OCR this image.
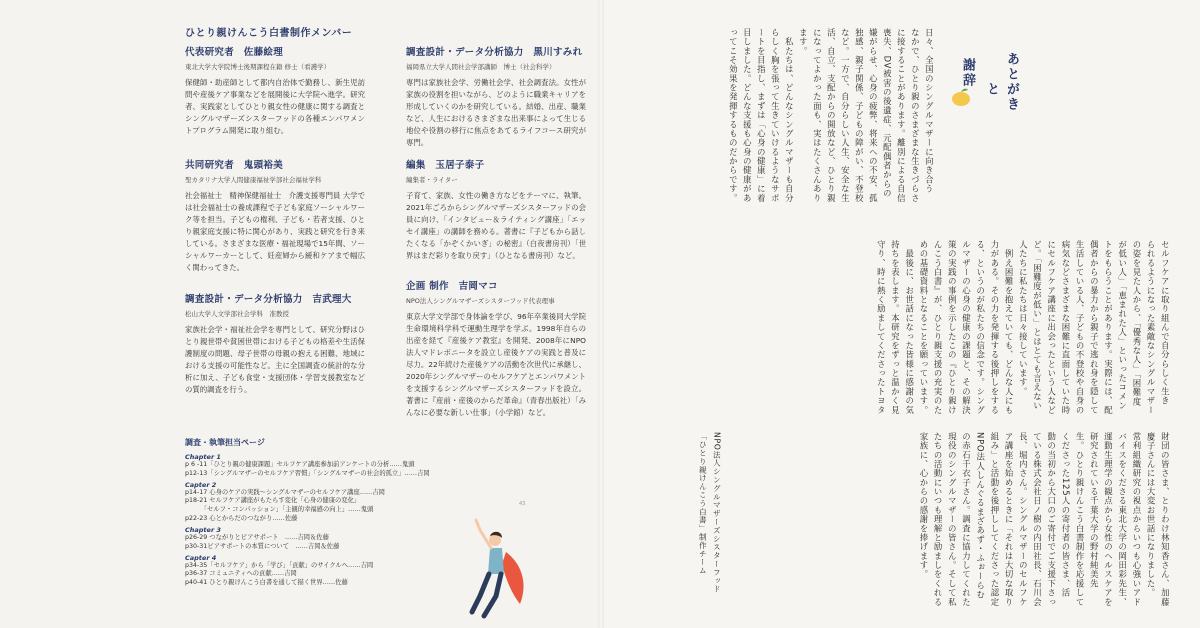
ひとり親けんこう白書制作メンバー
代表研究者　佐藤絵理
東北大学大学院博士後期課程在籍 修士（看護学）
保健師・助産師として都内自治体で勤務し、新生児訪問や産後ケア事業などを展開後に大学院へ進学。研究者、実践家としてひとり親女性の健康に関する調査とシングルマザーズシスターフッドの各種エンパワメントプログラム開発に取り組む。
共同研究者　鬼頭裕美
聖カタリナ大学人間健康福祉学部社会福祉学科
社会福祉士　精神保健福祉士　介護支援専門員 大学では社会福祉士の養成課程で子ども家庭ソーシャルワーク等を担当。子どもの権利、子ども・若者支援、ひとり親家庭支援に特に関心があり、実践と研究を行き来している。さまざまな医療・福祉現場で15年間、ソーシャルワーカーとして、妊産婦から緩和ケアまで幅広く関わってきた。
調査設計・データ分析協力　吉武理大
松山大学人文学部社会学科　准教授
家族社会学・福祉社会学を専門として、研究分野はひとり親世帯や貧困世帯における子どもの格差や生活保護制度の問題、母子世帯の母親の抱える困難、地域における支援の可能性など。主に全国調査の統計的な分析に加え、子ども食堂・支援団体・学習支援教室などの質的調査を行う。
調査設計・データ分析協力　黒川すみれ
福岡県立大学人間社会学部講師　博士（社会科学）
専門は家族社会学、労働社会学、社会調査法。女性が家族の役割を担いながら、どのように職業キャリアを形成していくのかを研究している。結婚、出産、職業など、人生におけるさまざまな出来事によって生じる地位や役割の移行に焦点をあてるライフコース研究が専門。
編集　玉居子泰子
編集者・ライター
子育て、家族、女性の働き方などをテーマに、執筆。2021年ごろからシングルマザーズシスターフッドの会員に向け、「インタビュー＆ライティング講座」「エッセイ講座」の講師を務める。著書に『子どもから話したくなる「かぞくかいぎ」の秘密』（白夜書房刊）「世界はまだ彩りを取り戻す」（ひとなる書房刊）など。
企画 制作　吉岡マコ
NPO法人シングルマザーズシスターフッド代表理事
東京大学文学部で身体論を学び、96年卒業後同大学院生命環境科学科で運動生理学を学ぶ。1998年自らの出産を経て『産後ケア教室』を開発、2008年にNPO法人マドレボニータを設立し産後ケアの実践と普及に尽力。22年続けた産後ケアの活動を次世代に承継し、2020年シングルマザーのセルフケアとエンパワメントを支援するシングルマザーズシスターフッドを設立。著書に『産前・産後のからだ革命』（青春出版社）「みんなに必要な新しい仕事」（小学館）など。
調査・執筆担当ページ
Chapter 1
p 6 -11「ひとり親の健康課題」セルフケア講座参加前アンケートの分析……鬼頭
p12-13「シングルマザーのセルフケア習慣」「シングルマザーの社会的孤立」……吉岡
Capter 2
p14-17 心身のケアの実践～シングルマザーのセルフケア講座……吉岡
p18-21 セルフケア講座がもたらす変化「心身の健康の変化」
　　　「セルフ・コンパッション」「主観的幸福感の向上」……鬼頭
p22-23 心とからだのつながり……佐藤
Chapter 3
p26-29 つながりとピアサポート　……吉岡＆佐藤
p30-31ピアサポートの本質について　……吉岡＆佐藤
Capter 4
p34-35「セルフケア」から「学び」「貢献」のサイクルへ……吉岡
p36-37 コミュニティへの貢献……吉岡
p40-41 ひとり親けんこう白書を通して描く世界……佐藤
43
あとがき
と
謝辞
日々、全国のシングルマザーに向き合う
なかで、ひとり親のさまざまな生きづらさ
に接することがあります。離別による自信
喪失、DV被害の後遺症、元配偶者からの
嫌がらせ、心身の疲弊、将来への不安、孤
独感、親子関係、子どもの障がい、不登校
など。一方で、自分らしい人生、安全な生
活、自立、支配からの開放など、ひとり親
になってよかった面も、実はたくさんあり
ます。
　私たちは、どんなシングルマザーも自分
らしく胸を張って生きていけるようなサポ
ートを目指し、まずは「心身の健康」に着
目しました。どんな支援も心身の健康があ
ってこそ効果を発揮するものだからです。
セルフケアに取り組んで自分らしく生き
られるようになった素敵なシングルマザー
の姿を見た人から、「優秀な人」「困難度
が低い人」「恵まれた人」といったコメン
トをもらうことがあります。実際には、配
偶者からの暴力から親子で逃れ身を隠して
生活している人、子どもの不登校や自身の
病気などさまざまな困難に直面していた時
にセルフケア講座に出会ったという人など
ど。「困難度が低い」とはとても言えない
人たちに私たちは日々接しています。
　例え困難を抱えていても、どんな人にも
力がある。その力を発揮する後押しをする
る、というのが私たちの信念です。シング
ルマザーの心身の健康の課題と、その解決
策の実践の事例を示したこの『ひとり親け
んこう白書』が、ひとり親支援の充実のた
めの基礎資料となることを願っています。
　最後に、お世話になった皆様に感謝の気
持ちを表します。本研究をずっと温かく見
守り、時に熱く励ましてくださったトヨタ
財団の皆さま、とりわけ林知香さん、加藤
慶子さんには大変お世話になりました。
常利組織研究の視点からいつも心強いアド
バイスをくださる東北大学の岡田彩先生、
運動生理学の観点から女性のヘルスケアを
研究されている千葉大学の野村純美先
生。ひとり親けんこう白書制作を応援して
くださった125人の寄付者の皆さま、活
動の当初から大口のご寄付でご支援下さっ
ている株式会社日ノ樹の内田社長、石川会
長、堀内さん。シングルマザーのセルフケ
ア講座を始めるときに「それは大切な取り
組み」と活動を後押ししてくださった認定
NPO法人しんぐるまざあず・ふぉーらむ
の赤石千衣子さん。調査に協力してくれた
現役のシングルマザーの皆さん。そして私
たちの活動にいつも理解と励ましをくれる
家族に、心からの感謝を捧げます。
NPO法人シングルマザーズシスターフッド
「ひとり親けんこう白書」制作チーム
